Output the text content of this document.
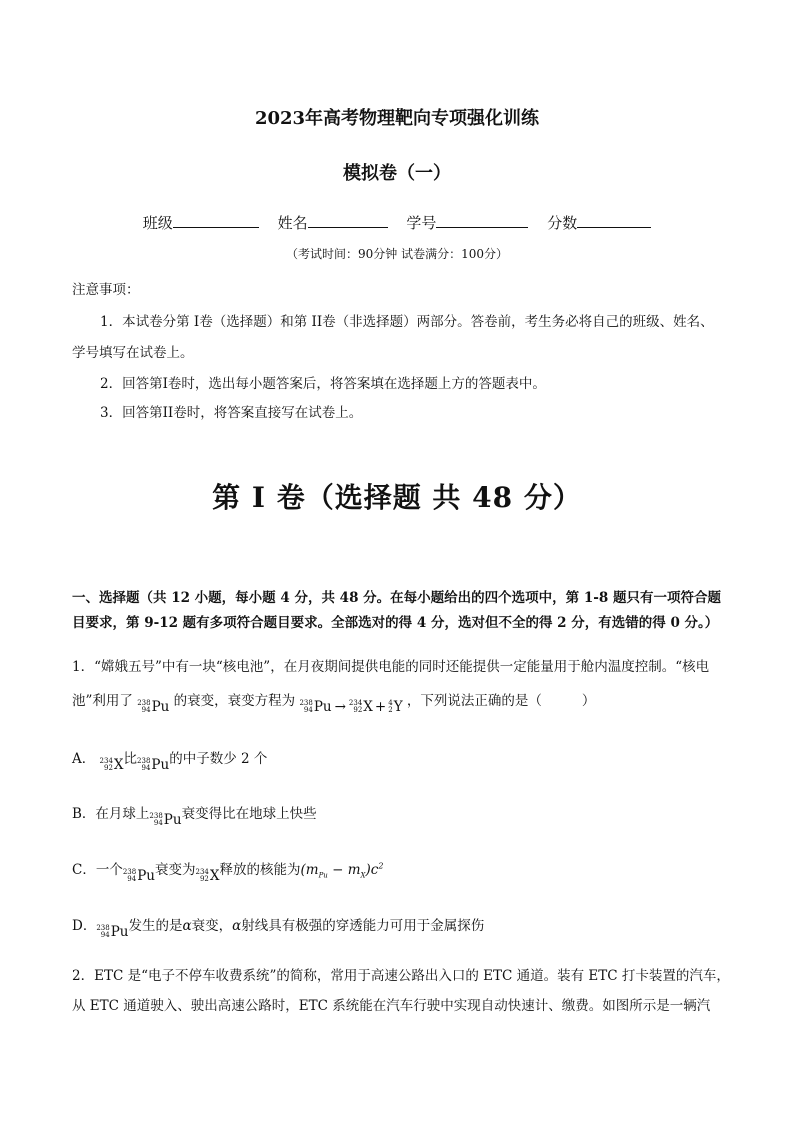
2023年高考物理靶向专项强化训练
模拟卷（一）
班级	姓名	学号	分数
（考试时间：90分钟 试卷满分：100分）
注意事项：
1．本试卷分第 I卷（选择题）和第 II卷（非选择题）两部分。答卷前，考生务必将自己的班级、姓名、
学号填写在试卷上。
2．回答第I卷时，选出每小题答案后，将答案填在选择题上方的答题表中。
3．回答第II卷时，将答案直接写在试卷上。
第 I 卷（选择题 共 48 分）
一、选择题（共 12 小题，每小题 4 分，共 48 分。在每小题给出的四个选项中，第 1-8 题只有一项符合题
目要求，第 9-12 题有多项符合题目要求。全部选对的得 4 分，选对但不全的得 2 分，有选错的得 0 分。）
1．“嫦娥五号”中有一块“核电池”，在月夜期间提供电能的同时还能提供一定能量用于舱内温度控制。“核电
池”利用了 238
94 Pu 的衰变，衰变方程为 238
94 Pu → 234
92 X + 4
2 Y ，下列说法正确的是（	）
A． 234
92 X 比 238
94 Pu 的中子数少 2 个
B．在月球上 238
94 Pu 衰变得比在地球上快些
C．一个 238
94 Pu 衰变为 234
92 X 释放的核能为$(m_{Pu} - m_X)c^2$
D． 238
94 Pu 发生的是α衰变，α射线具有极强的穿透能力可用于金属探伤
2．ETC 是“电子不停车收费系统”的简称，常用于高速公路出入口的 ETC 通道。装有 ETC 打卡装置的汽车，
从 ETC 通道驶入、驶出高速公路时，ETC 系统能在汽车行驶中实现自动快速计、缴费。如图所示是一辆汽
